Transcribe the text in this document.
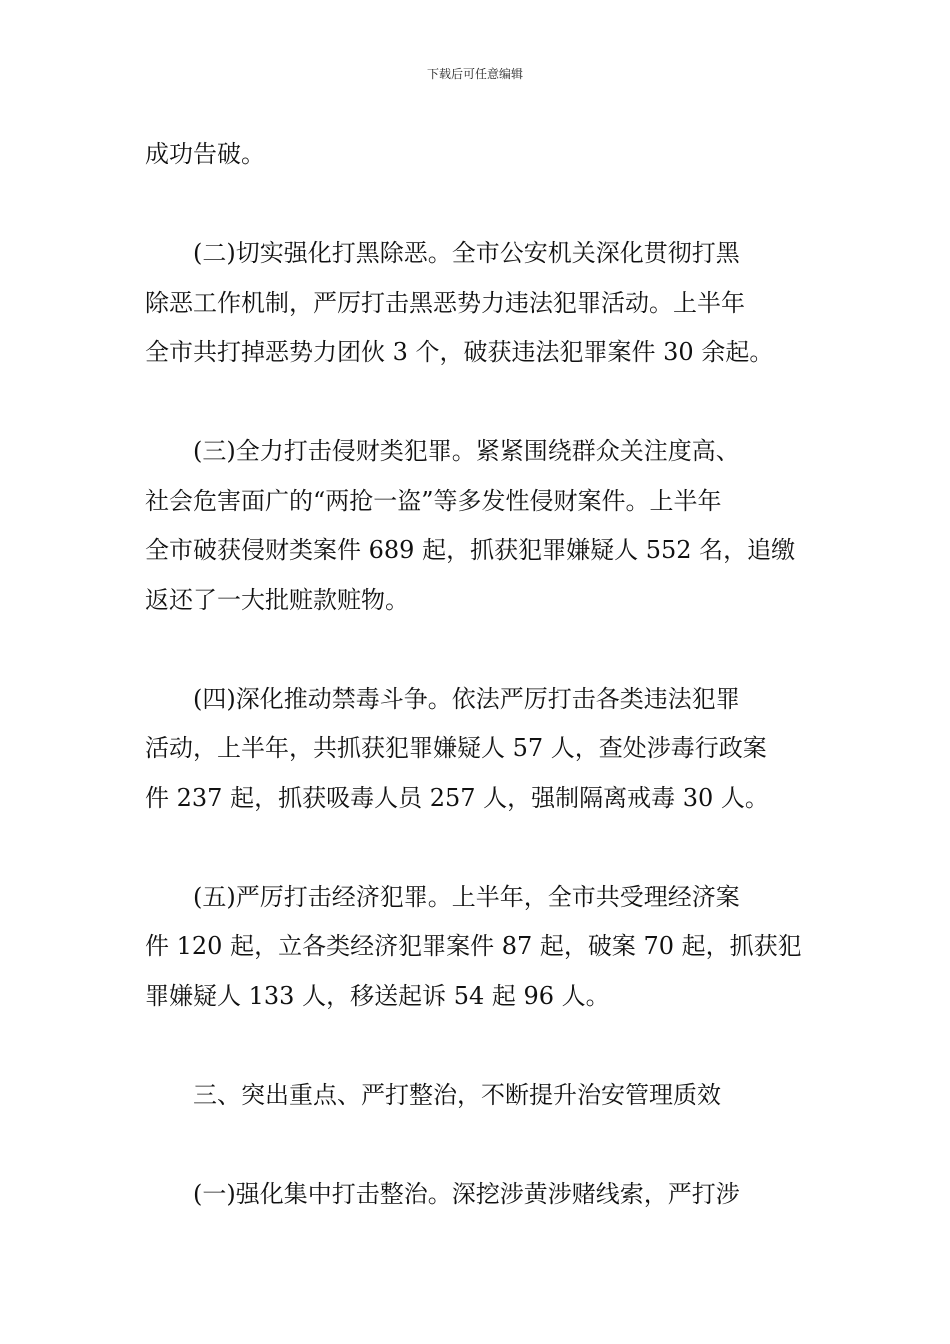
下载后可任意编辑

成功告破。

(二)切实强化打黑除恶。全市公安机关深化贯彻打黑
除恶工作机制，严厉打击黑恶势力违法犯罪活动。上半年
全市共打掉恶势力团伙 3 个，破获违法犯罪案件 30 余起。

(三)全力打击侵财类犯罪。紧紧围绕群众关注度高、
社会危害面广的“两抢一盗”等多发性侵财案件。上半年
全市破获侵财类案件 689 起，抓获犯罪嫌疑人 552 名，追缴
返还了一大批赃款赃物。

(四)深化推动禁毒斗争。依法严厉打击各类违法犯罪
活动，上半年，共抓获犯罪嫌疑人 57 人，查处涉毒行政案
件 237 起，抓获吸毒人员 257 人，强制隔离戒毒 30 人。

(五)严厉打击经济犯罪。上半年，全市共受理经济案
件 120 起，立各类经济犯罪案件 87 起，破案 70 起，抓获犯
罪嫌疑人 133 人，移送起诉 54 起 96 人。

三、突出重点、严打整治，不断提升治安管理质效

(一)强化集中打击整治。深挖涉黄涉赌线索，严打涉
